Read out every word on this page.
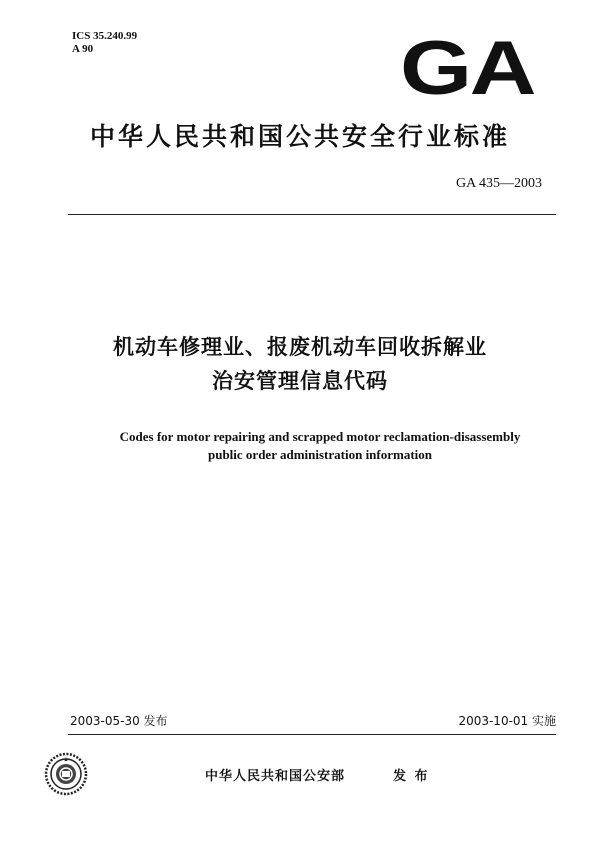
ICS 35.240.99
A 90	GA
中华人民共和国公共安全行业标准
GA 435—2003
机动车修理业、报废机动车回收拆解业
治安管理信息代码
Codes for motor repairing and scrapped motor reclamation-disassembly
public order administration information
2003-05-30 发布	2003-10-01 实施
中华人民共和国公安部	发 布
